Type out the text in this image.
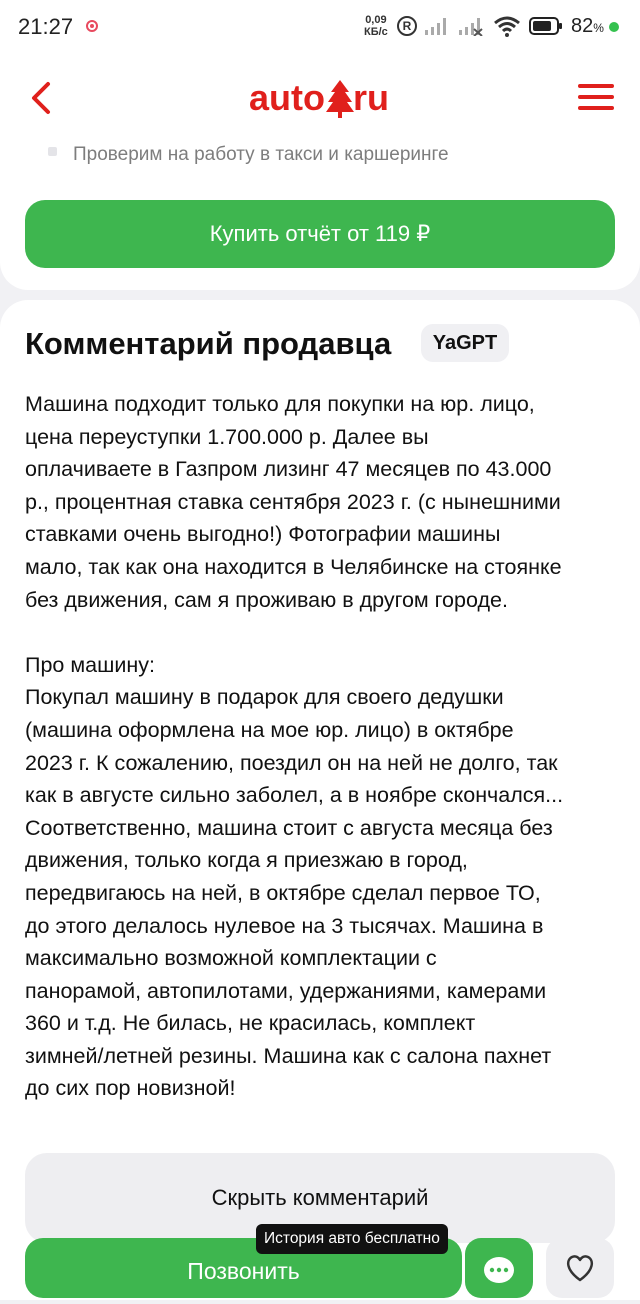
21:27	0,09
КБ/с	R	82%
auto ru
Проверим на работу в такси и каршеринге
Купить отчёт от 119 ₽
Комментарий продавца	YaGPT

Машина подходит только для покупки на юр. лицо,
цена переуступки 1.700.000 р. Далее вы
оплачиваете в Газпром лизинг 47 месяцев по 43.000
р., процентная ставка сентября 2023 г. (с нынешними
ставками очень выгодно!) Фотографии машины
мало, так как она находится в Челябинске на стоянке
без движения, сам я проживаю в другом городе.

Про машину:
Покупал машину в подарок для своего дедушки
(машина оформлена на мое юр. лицо) в октябре
2023 г. К сожалению, поездил он на ней не долго, так
как в августе сильно заболел, а в ноябре скончался...
Соответственно, машина стоит с августа месяца без
движения, только когда я приезжаю в город,
передвигаюсь на ней, в октябре сделал первое ТО,
до этого делалось нулевое на 3 тысячах. Машина в
максимально возможной комплектации с
панорамой, автопилотами, удержаниями, камерами
360 и т.д. Не билась, не красилась, комплект
зимней/летней резины. Машина как с салона пахнет
до сих пор новизной!

Скрыть комментарий
Позвонить
История авто бесплатно
